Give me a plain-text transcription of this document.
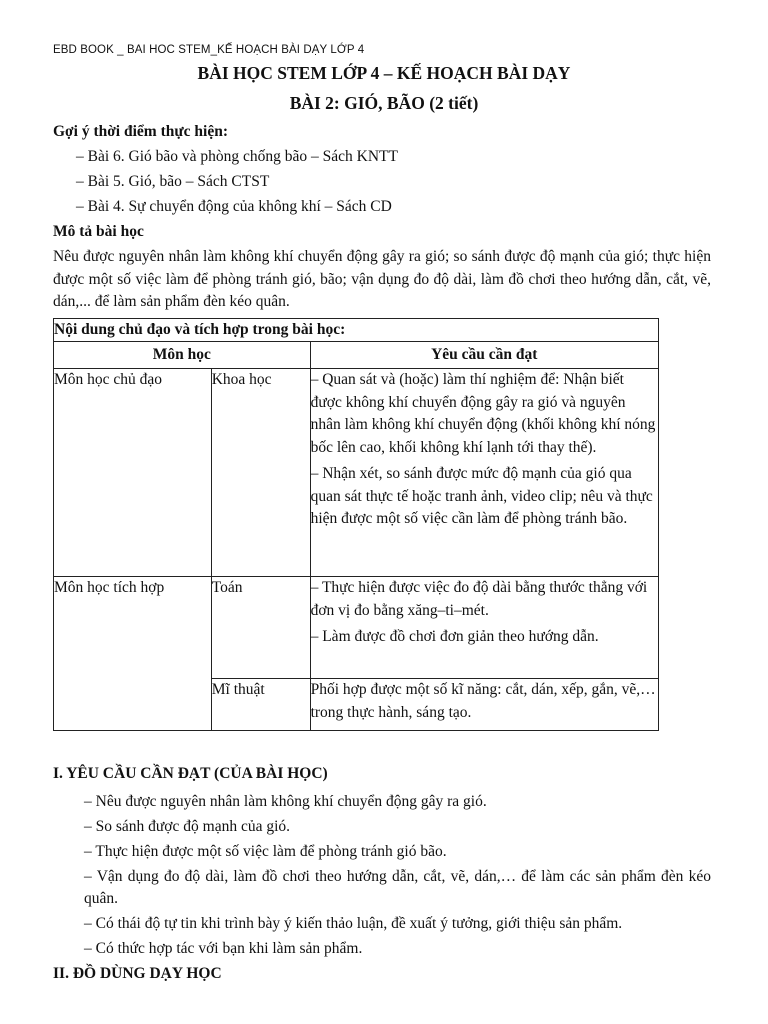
EBD BOOK _ BAI HOC STEM_KẾ HOẠCH BÀI DẠY LỚP 4
BÀI HỌC STEM LỚP 4 – KẾ HOẠCH BÀI DẠY
BÀI 2: GIÓ, BÃO (2 tiết)
Gợi ý thời điểm thực hiện:
– Bài 6. Gió bão và phòng chống bão – Sách KNTT
– Bài 5. Gió, bão – Sách CTST
– Bài 4. Sự chuyển động của không khí – Sách CD
Mô tả bài học
Nêu được nguyên nhân làm không khí chuyển động gây ra gió; so sánh được độ mạnh của gió; thực hiện được một số việc làm để phòng tránh gió, bão; vận dụng đo độ dài, làm đồ chơi theo hướng dẫn, cắt, vẽ, dán,... để làm sản phẩm đèn kéo quân.
Nội dung chủ đạo và tích hợp trong bài học:		
Môn học		Yêu cầu cần đạt
Môn học chủ đạo	Khoa học	– Quan sát và (hoặc) làm thí nghiệm để: Nhận biết được không khí chuyển động gây ra gió và nguyên nhân làm không khí chuyển động (khối không khí nóng bốc lên cao, khối không khí lạnh tới thay thế).
– Nhận xét, so sánh được mức độ mạnh của gió qua quan sát thực tế hoặc tranh ảnh, video clip; nêu và thực hiện được một số việc cần làm để phòng tránh bão.

Môn học tích hợp	Toán	– Thực hiện được việc đo độ dài bằng thước thẳng với đơn vị đo bằng xăng–ti–mét.
– Làm được đồ chơi đơn giản theo hướng dẫn.

	Mĩ thuật	Phối hợp được một số kĩ năng: cắt, dán, xếp, gắn, vẽ,… trong thực hành, sáng tạo.
I. YÊU CẦU CẦN ĐẠT (CỦA BÀI HỌC)
– Nêu được nguyên nhân làm không khí chuyển động gây ra gió.
– So sánh được độ mạnh của gió.
– Thực hiện được một số việc làm để phòng tránh gió bão.
– Vận dụng đo độ dài, làm đồ chơi theo hướng dẫn, cắt, vẽ, dán,… để làm các sản phẩm đèn kéo quân.
– Có thái độ tự tin khi trình bày ý kiến thảo luận, đề xuất ý tưởng, giới thiệu sản phẩm.
– Có thức hợp tác với bạn khi làm sản phẩm.
II. ĐỒ DÙNG DẠY HỌC
